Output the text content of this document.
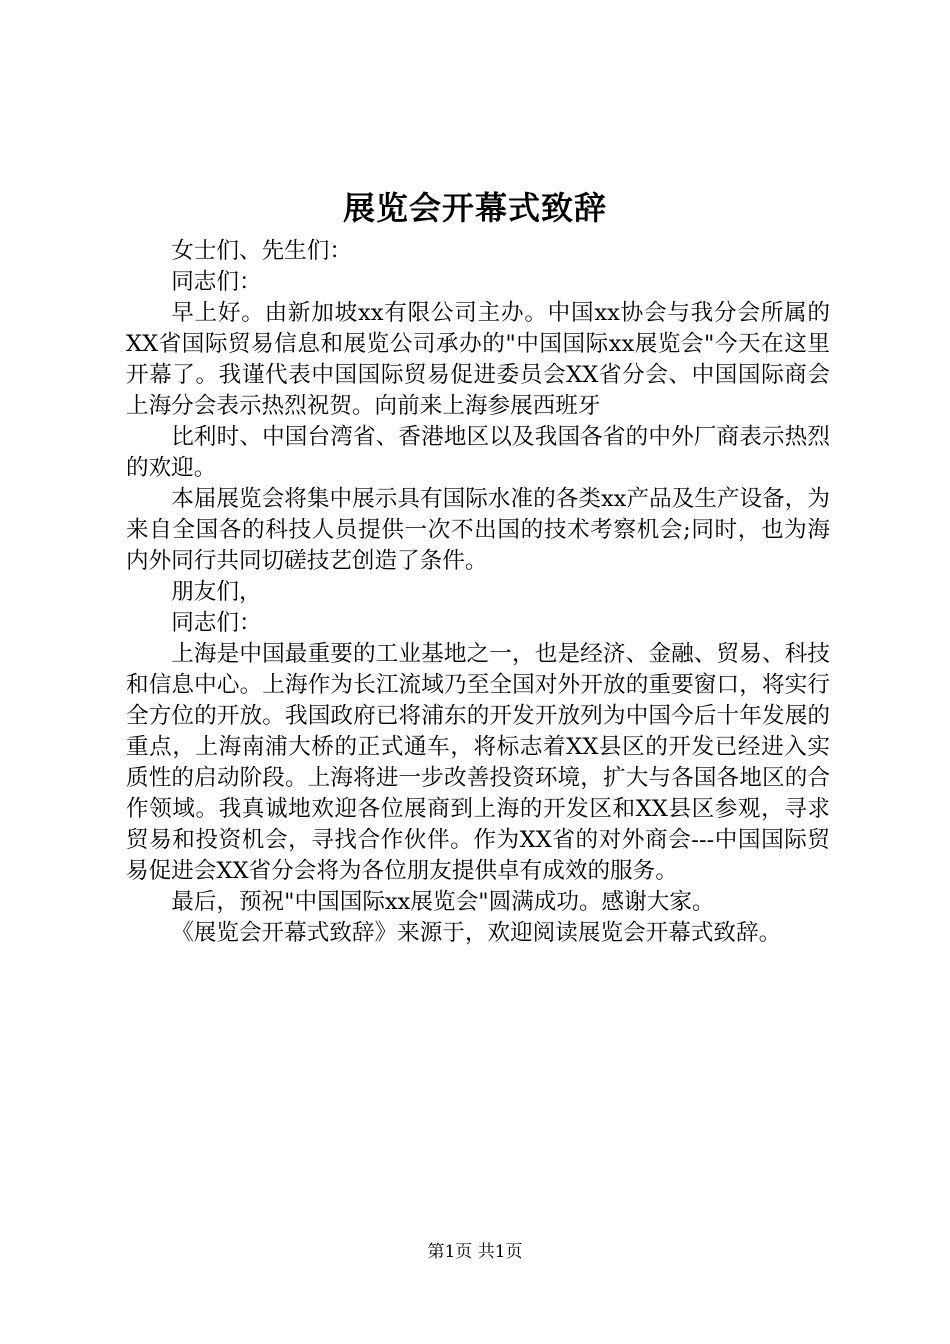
展览会开幕式致辞

女士们、先生们：

同志们：

早上好。由新加坡xx有限公司主办。中国xx协会与我分会所属的XX省国际贸易信息和展览公司承办的"中国国际xx展览会"今天在这里开幕了。我谨代表中国国际贸易促进委员会XX省分会、中国国际商会上海分会表示热烈祝贺。向前来上海参展西班牙

比利时、中国台湾省、香港地区以及我国各省的中外厂商表示热烈的欢迎。

本届展览会将集中展示具有国际水准的各类xx产品及生产设备，为来自全国各的科技人员提供一次不出国的技术考察机会;同时，也为海内外同行共同切磋技艺创造了条件。

朋友们，

同志们：

上海是中国最重要的工业基地之一，也是经济、金融、贸易、科技和信息中心。上海作为长江流域乃至全国对外开放的重要窗口，将实行全方位的开放。我国政府已将浦东的开发开放列为中国今后十年发展的重点，上海南浦大桥的正式通车，将标志着XX县区的开发已经进入实质性的启动阶段。上海将进一步改善投资环境，扩大与各国各地区的合作领域。我真诚地欢迎各位展商到上海的开发区和XX县区参观，寻求贸易和投资机会，寻找合作伙伴。作为XX省的对外商会---中国国际贸易促进会XX省分会将为各位朋友提供卓有成效的服务。

最后，预祝"中国国际xx展览会"圆满成功。感谢大家。

《展览会开幕式致辞》来源于，欢迎阅读展览会开幕式致辞。

第1页 共1页
